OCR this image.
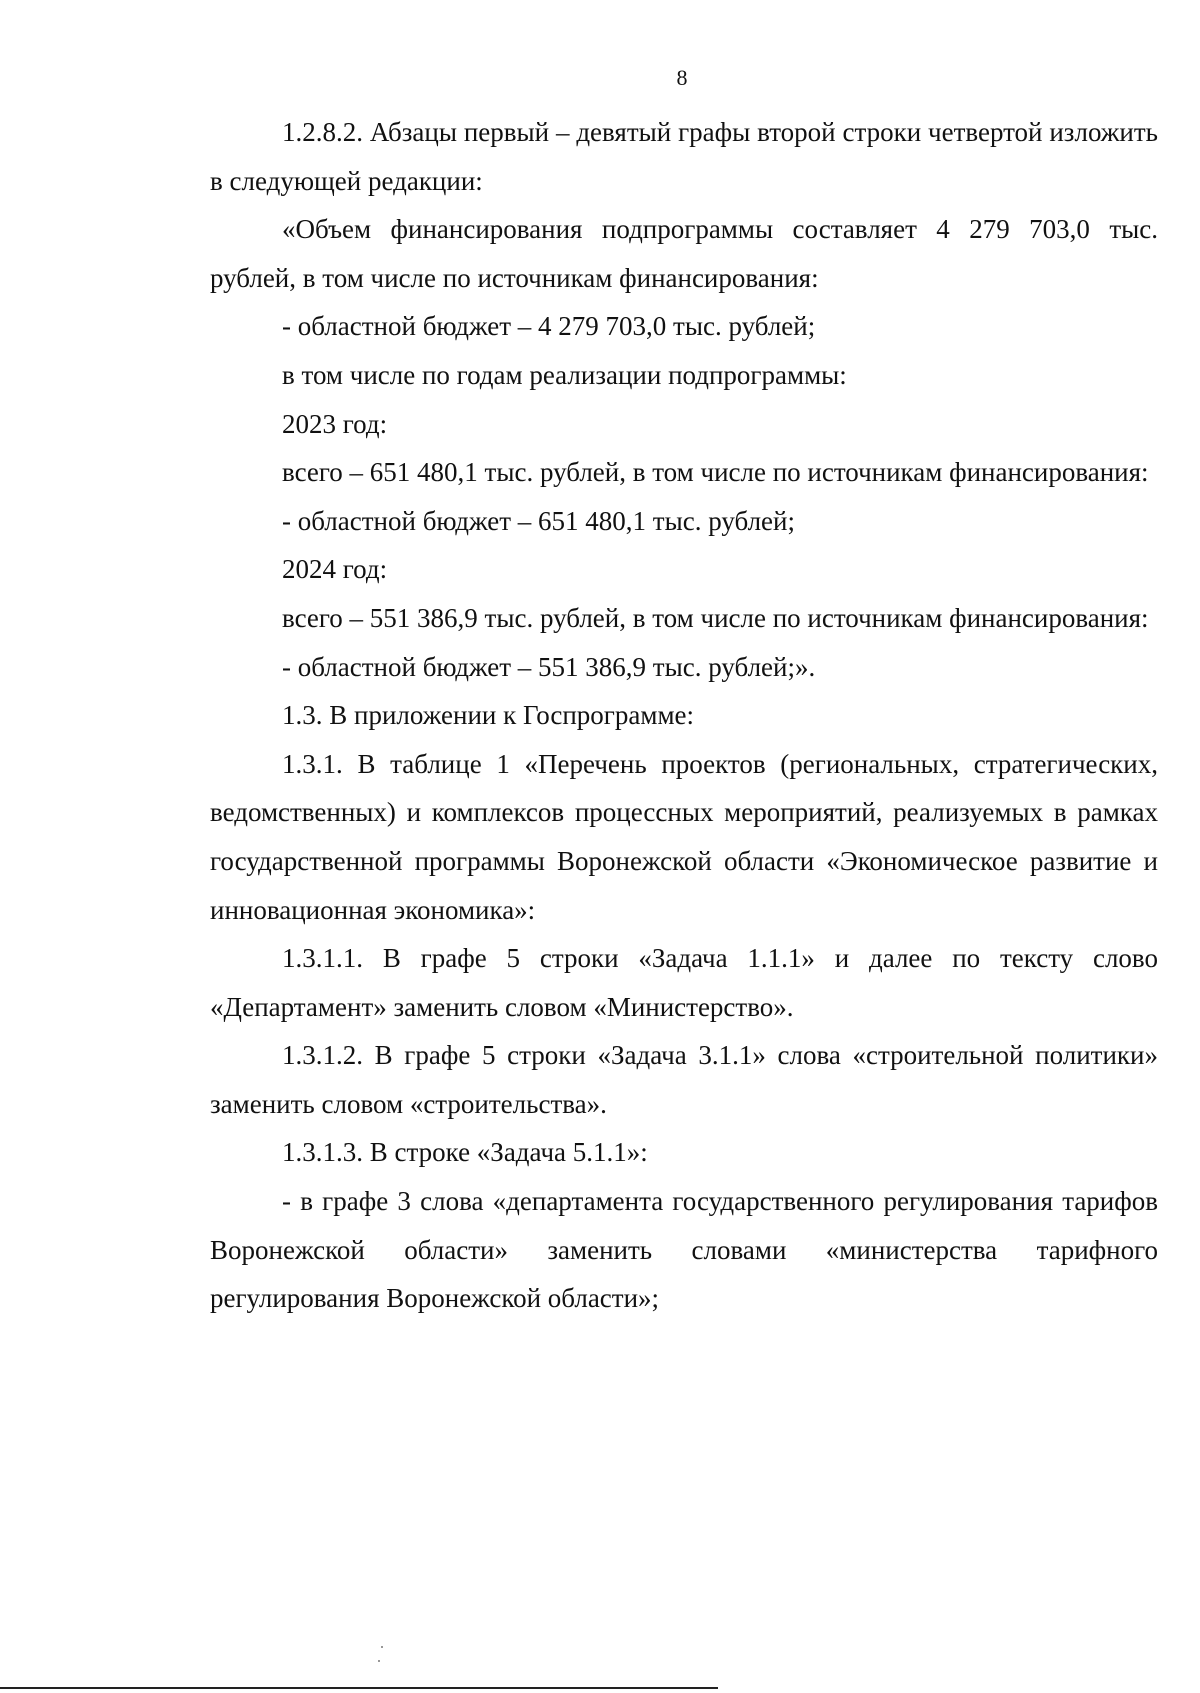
8

1.2.8.2. Абзацы первый – девятый графы второй строки четвертой изложить в следующей редакции:

«Объем финансирования подпрограммы составляет 4 279 703,0 тыс. рублей, в том числе по источникам финансирования:

- областной бюджет – 4 279 703,0 тыс. рублей;

в том числе по годам реализации подпрограммы:

2023 год:

всего – 651 480,1 тыс. рублей, в том числе по источникам финансирования:

- областной бюджет – 651 480,1 тыс. рублей;

2024 год:

всего – 551 386,9 тыс. рублей, в том числе по источникам финансирования:

- областной бюджет – 551 386,9 тыс. рублей;».

1.3. В приложении к Госпрограмме:

1.3.1. В таблице 1 «Перечень проектов (региональных, стратегических, ведомственных) и комплексов процессных мероприятий, реализуемых в рамках государственной программы Воронежской области «Экономическое развитие и инновационная экономика»:

1.3.1.1. В графе 5 строки «Задача 1.1.1» и далее по тексту слово «Департамент» заменить словом «Министерство».

1.3.1.2. В графе 5 строки «Задача 3.1.1» слова «строительной политики» заменить словом «строительства».

1.3.1.3. В строке «Задача 5.1.1»:

- в графе 3 слова «департамента государственного регулирования тарифов Воронежской области» заменить словами «министерства тарифного регулирования Воронежской области»;
